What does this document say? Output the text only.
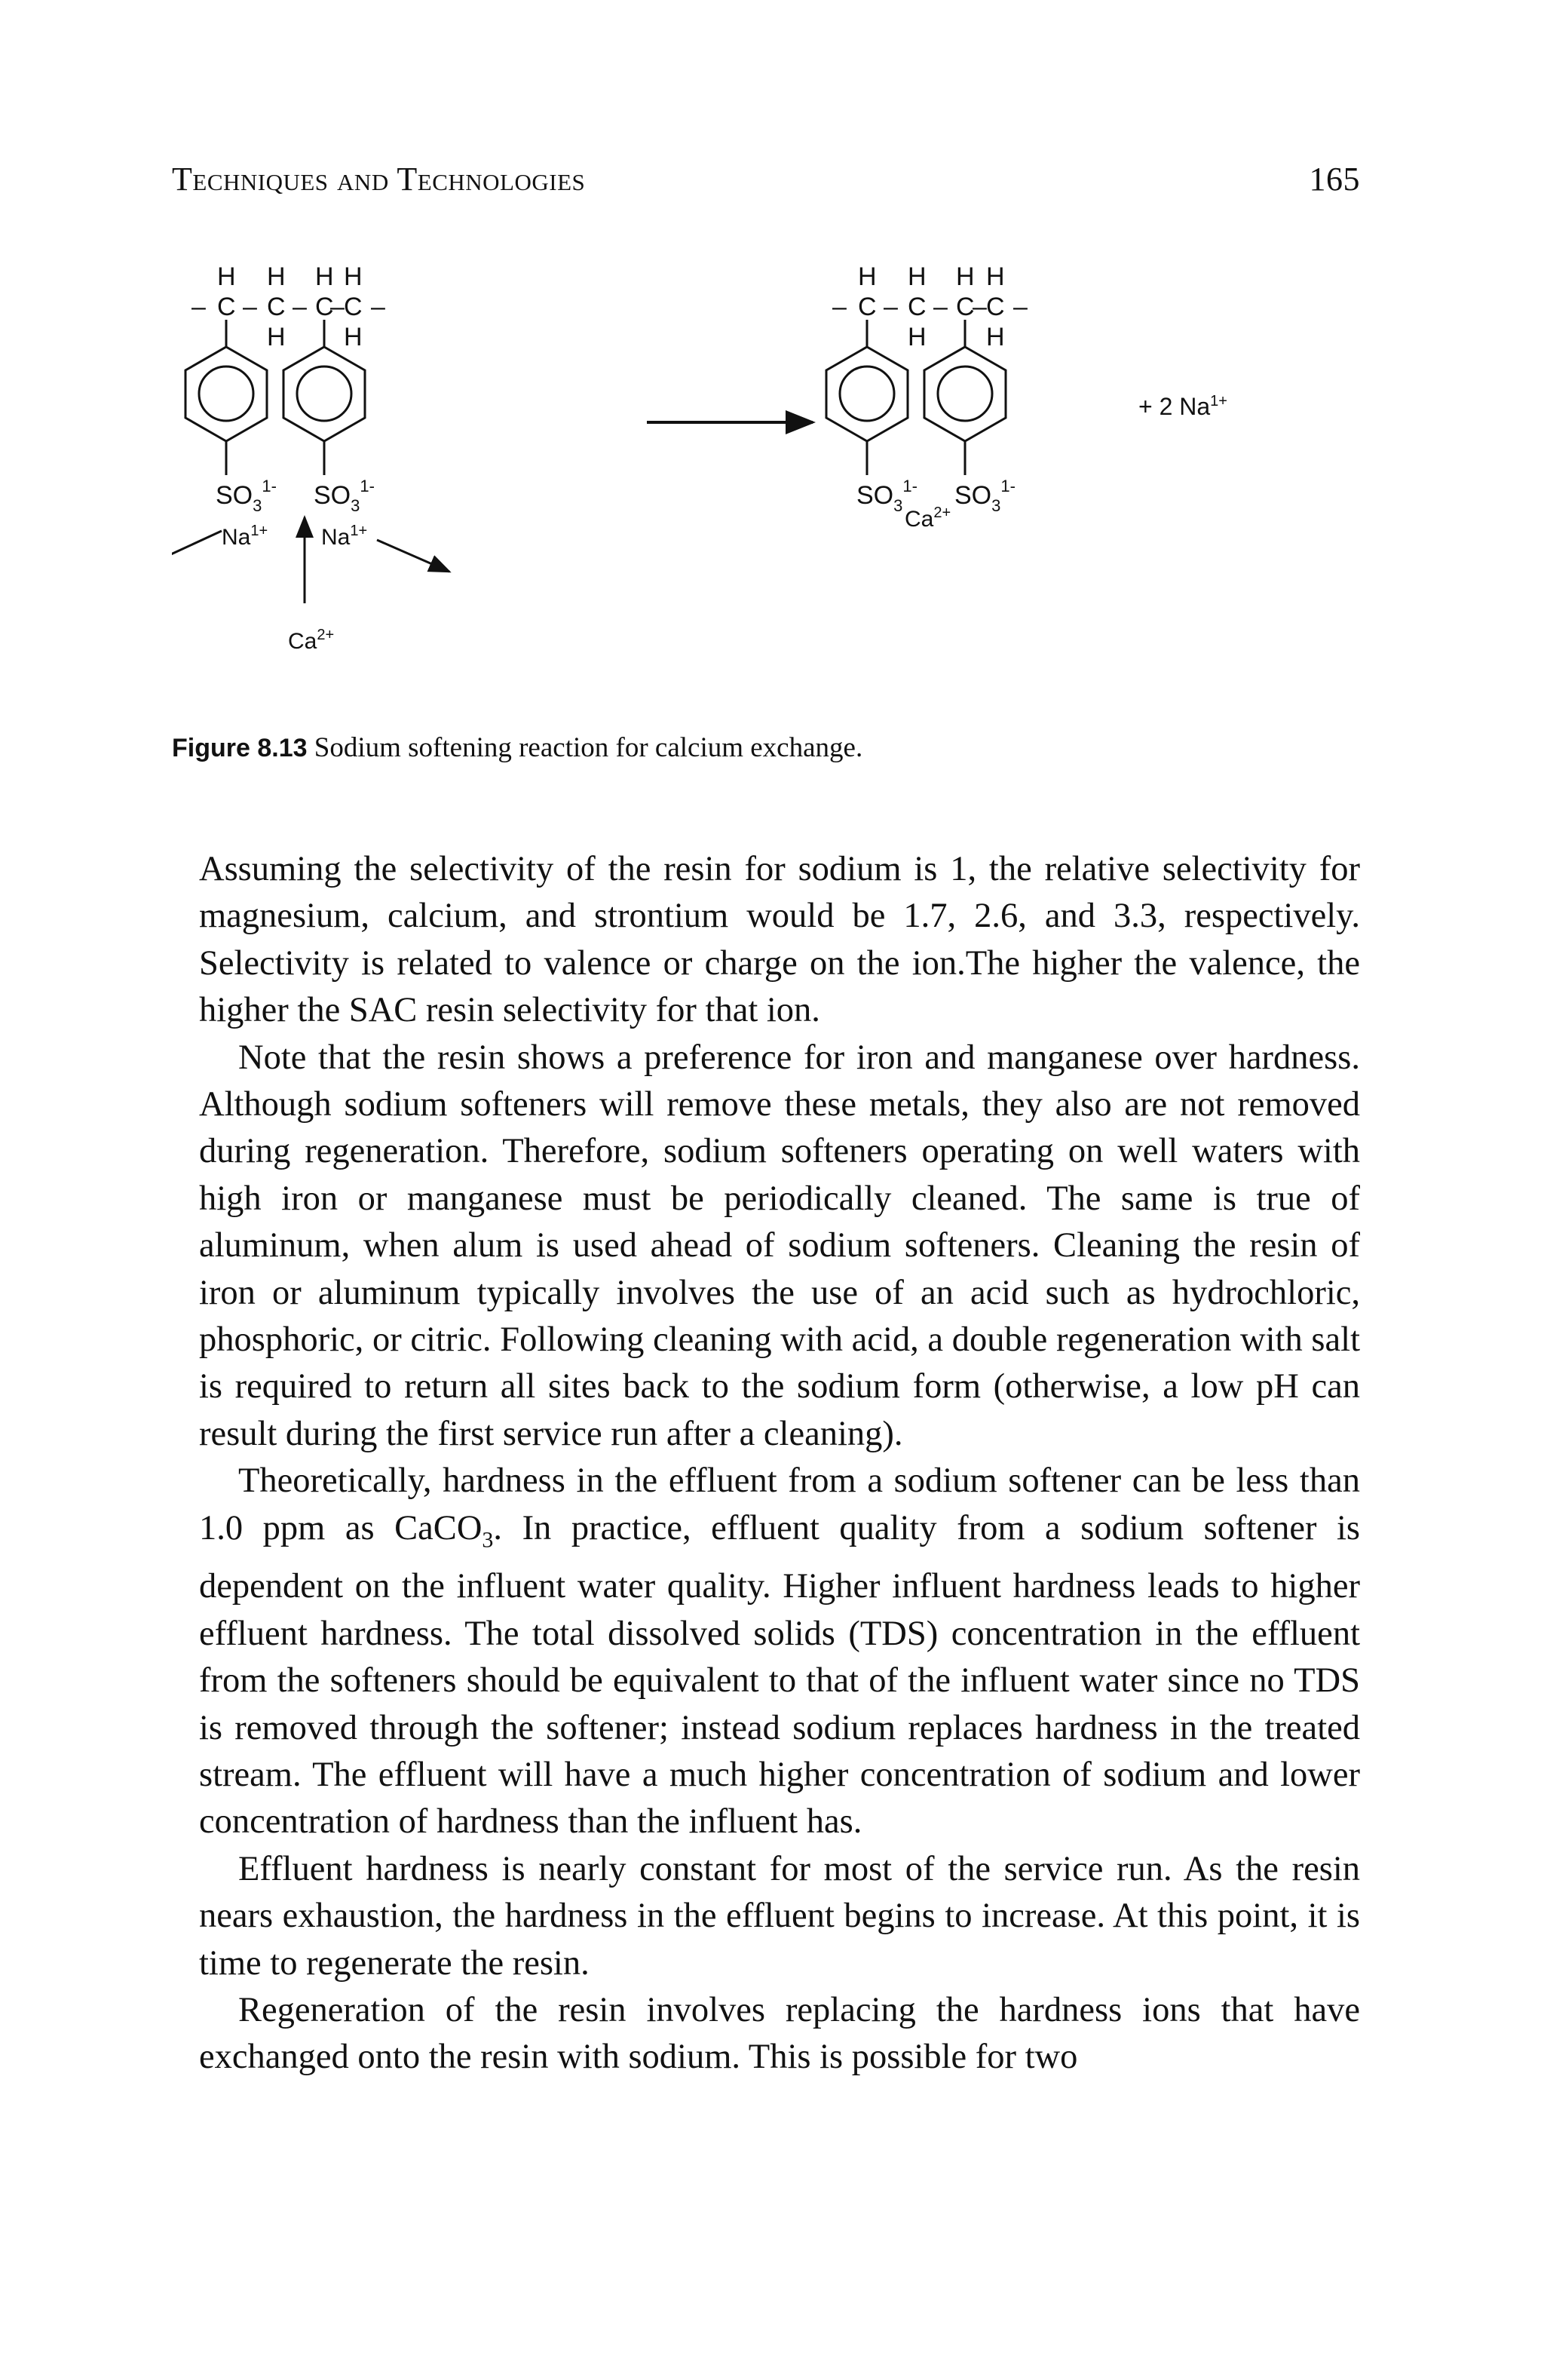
Techniques and Technologies	165
H H H H
– C – C – C
– C –
H H
$SO_3^{1-}$ $SO_3^{1-}$
$Na^{1+}$ $Na^{1+}$
$Ca^{2+}$
H H H H
– C – C – C
– C –
H H
$SO_3^{1-}$ $SO_3^{1-}$
$Ca^{2+}$
+ 2 $Na^{1+}$
Figure 8.13 Sodium softening reaction for calcium exchange.

Assuming the selectivity of the resin for sodium is 1, the relative selectivity for magnesium, calcium, and strontium would be 1.7, 2.6, and 3.3, respectively. Selectivity is related to valence or charge on the ion.The higher the valence, the higher the SAC resin selectivity for that ion.

Note that the resin shows a preference for iron and manganese over hardness. Although sodium softeners will remove these metals, they also are not removed during regeneration. Therefore, sodium softeners operating on well waters with high iron or manganese must be periodically cleaned. The same is true of aluminum, when alum is used ahead of sodium softeners. Cleaning the resin of iron or aluminum typically involves the use of an acid such as hydrochloric, phosphoric, or citric. Following cleaning with acid, a double regeneration with salt is required to return all sites back to the sodium form (otherwise, a low pH can result during the first service run after a cleaning).

Theoretically, hardness in the effluent from a sodium softener can be less than 1.0 ppm as CaCO$_3$. In practice, effluent quality from a sodium softener is dependent on the influent water quality. Higher influent hardness leads to higher effluent hardness. The total dissolved solids (TDS) concentration in the effluent from the softeners should be equivalent to that of the influent water since no TDS is removed through the softener; instead sodium replaces hardness in the treated stream. The effluent will have a much higher concentration of sodium and lower concentration of hardness than the influent has.

Effluent hardness is nearly constant for most of the service run. As the resin nears exhaustion, the hardness in the effluent begins to increase. At this point, it is time to regenerate the resin.

Regeneration of the resin involves replacing the hardness ions that have exchanged onto the resin with sodium. This is possible for two
